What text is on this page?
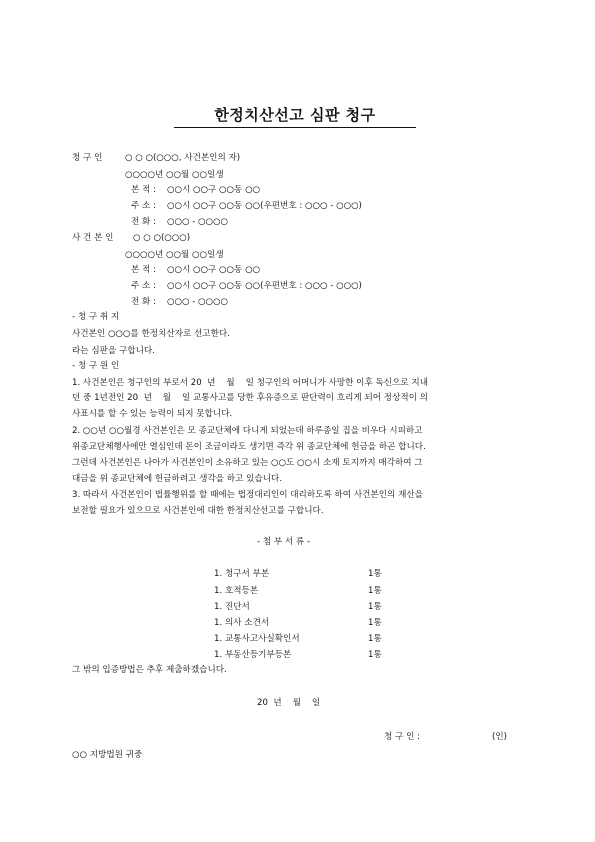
한정치산선고 심판 청구
청 구 인	○ ○ ○(○○○, 사건본인의 자)
○○○○년 ○○월 ○○일생
본 적 : ○○시 ○○구 ○○동 ○○
주 소 : ○○시 ○○구 ○○동 ○○(우편번호 : ○○○ - ○○○)
전 화 : ○○○ - ○○○○
사 건 본 인 ○ ○ ○(○○○)
○○○○년 ○○월 ○○일생
본 적 : ○○시 ○○구 ○○동 ○○
주 소 : ○○시 ○○구 ○○동 ○○(우편번호 : ○○○ - ○○○)
전 화 : ○○○ - ○○○○
- 청 구 취 지
사건본인 ○○○를 한정치산자로 선고한다.
라는 심판을 구합니다.
- 청 구 원 인
1. 사건본인은 청구인의 부로서 20  년    월    일 청구인의 어머니가 사망한 이후 독신으로 지내
던 중 1년전인 20  년    월    일 교통사고를 당한 후유증으로 판단력이 흐리게 되어 정상적이 의
사표시를 할 수 있는 능력이 되지 못합니다.
2. ○○년 ○○월경 사건본인은 모 종교단체에 다니게 되었는데 하루종일 집을 비우다 시피하고
위종교단체행사에만 열심인데 돈이 조금이라도 생기면 즉각 위 종교단체에 헌금을 하곤 합니다.
그런데 사건본인은 나아가 사건본인이 소유하고 있는 ○○도 ○○시 소재 토지까지 매각하여 그
대금을 위 종교단체에 헌금하려고 생각을 하고 있습니다.
3. 따라서 사건본인이 법률행위를 할 때에는 법정대리인이 대리하도록 하여 사건본인의 재산을
보전할 필요가 있으므로 사건본인에 대한 한정치산선고를 구합니다.
- 첨 부 서 류 -
1. 청구서 부본	1통
1. 호적등본	1통
1. 진단서	1통
1. 의사 소견서	1통
1. 교통사고사실확인서	1통
1. 부동산등기부등본	1통
그 밖의 입증방법은 추후 제출하겠습니다.
20  년    월    일
청 구 인 :	(인)
○○ 지방법원 귀중
